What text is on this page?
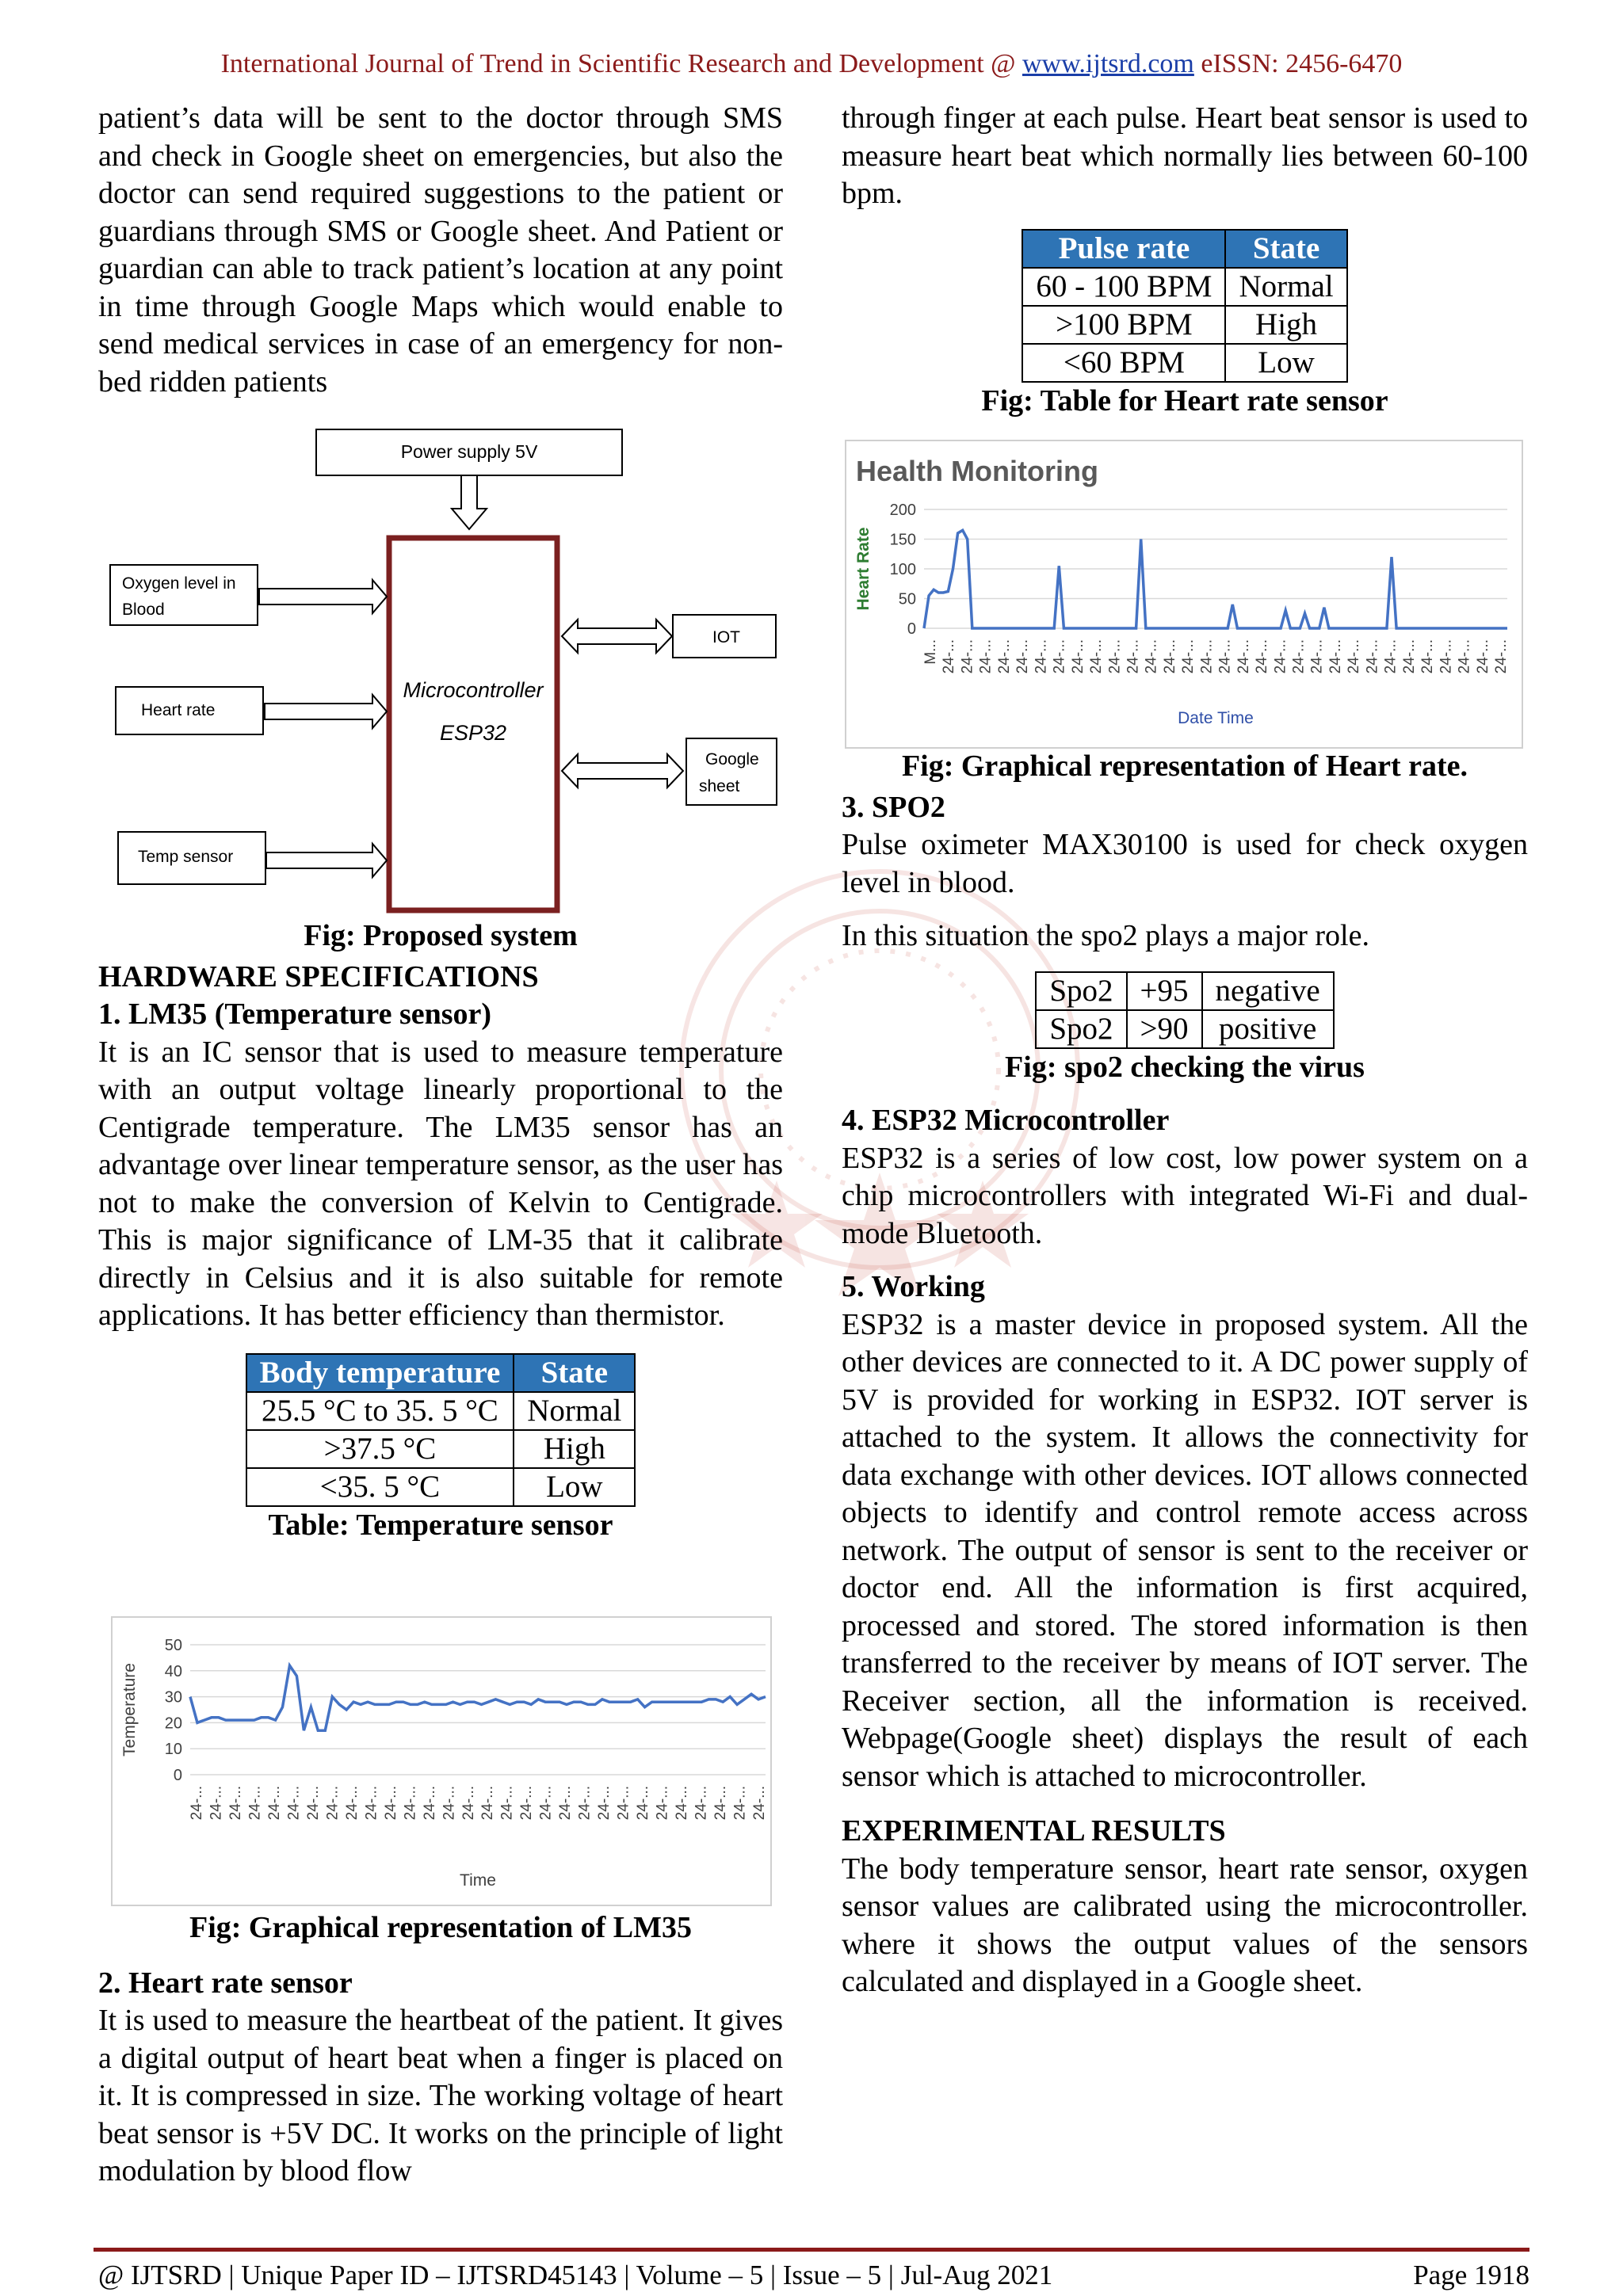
International Journal of Trend in Scientific Research and Development @ www.ijtsrd.com eISSN: 2456-6470

patient’s data will be sent to the doctor through SMS and check in Google sheet on emergencies, but also the doctor can send required suggestions to the patient or guardians through SMS or Google sheet. And Patient or guardian can able to track patient’s location at any point in time through Google Maps which would enable to send medical services in case of an emergency for non-bed ridden patients

Power supply 5V
Microcontroller
ESP32
Oxygen level in
Blood
Heart rate
Temp sensor
IOT
Google
sheet

Fig: Proposed system

HARDWARE SPECIFICATIONS

1. LM35 (Temperature sensor)

It is an IC sensor that is used to measure temperature with an output voltage linearly proportional to the Centigrade temperature. The LM35 sensor has an advantage over linear temperature sensor, as the user has not to make the conversion of Kelvin to Centigrade. This is major significance of LM-35 that it calibrate directly in Celsius and it is also suitable for remote applications. It has better efficiency than thermistor.

Body temperature	State
25.5 °C to 35. 5 °C	Normal
>37.5 °C	High
<35. 5 °C	Low

Table: Temperature sensor

0
10
20
30
40
50
24-... 24-... 24-... 24-... 24-... 24-... 24-... 24-... 24-... 24-... 24-... 24-... 24-... 24-... 24-... 24-... 24-... 24-... 24-... 24-... 24-... 24-... 24-... 24-... 24-... 24-... 24-... 24-... 24-... 24-...
Time
Temperature

Fig: Graphical representation of LM35

2. Heart rate sensor

It is used to measure the heartbeat of the patient. It gives a digital output of heart beat when a finger is placed on it. It is compressed in size. The working voltage of heart beat sensor is +5V DC. It works on the principle of light modulation by blood flow

through finger at each pulse. Heart beat sensor is used to measure heart beat which normally lies between 60-100 bpm.

Pulse rate	State
60 - 100 BPM	Normal
>100 BPM	High
<60 BPM	Low

Fig: Table for Heart rate sensor

Health Monitoring
0
50
100
150
200
M... 24-... 24-... 24-... 24-... 24-... 24-... 24-... 24-... 24-... 24-... 24-... 24-... 24-... 24-... 24-... 24-... 24-... 24-... 24-... 24-... 24-... 24-... 24-... 24-... 24-... 24-... 24-... 24-... 24-... 24-... 24-...
Date Time
Heart Rate

Fig: Graphical representation of Heart rate.

3. SPO2

Pulse oximeter MAX30100 is used for check oxygen level in blood.

In this situation the spo2 plays a major role.

Spo2	+95	negative
Spo2	>90	positive

Fig: spo2 checking the virus

4. ESP32 Microcontroller

ESP32 is a series of low cost, low power system on a chip microcontrollers with integrated Wi-Fi and dual-mode Bluetooth.

5. Working

ESP32 is a master device in proposed system. All the other devices are connected to it. A DC power supply of 5V is provided for working in ESP32. IOT server is attached to the system. It allows the connectivity for data exchange with other devices. IOT allows connected objects to identify and control remote access across network. The output of sensor is sent to the receiver or doctor end. All the information is first acquired, processed and stored. The stored information is then transferred to the receiver by means of IOT server. The Receiver section, all the information is received. Webpage(Google sheet) displays the result of each sensor which is attached to microcontroller.

EXPERIMENTAL RESULTS

The body temperature sensor, heart rate sensor, oxygen sensor values are calibrated using the microcontroller. where it shows the output values of the sensors calculated and displayed in a Google sheet.

@ IJTSRD | Unique Paper ID – IJTSRD45143 | Volume – 5 | Issue – 5 | Jul-Aug 2021	Page 1918
